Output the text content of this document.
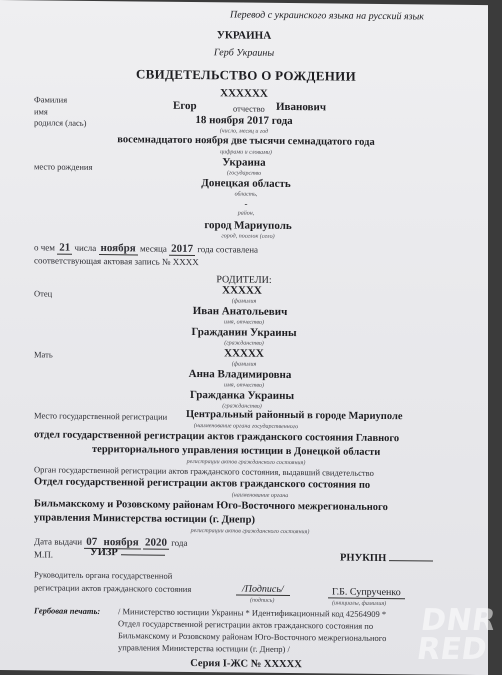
Перевод с украинского языка на русский язык
УКРАИНА
Герб Украины
СВИДЕТЕЛЬСТВО О РОЖДЕНИИ
Фамилия	ХХХХХХ
имя	Егор	отчество Иванович
родился (лась)	18 ноября 2017 года
(число, месяц и год
восемнадцатого ноября две тысячи семнадцатого года
цифрами и словами)
место рождения	Украина
(государство
Донецкая область
область,
-
район,
город Мариуполь
город, поселок (село)
о чем 21 числа ноября месяца 2017 года составлена
соответствующая актовая запись № ХХХХ
РОДИТЕЛИ:
Отец	ХХХХХ
(фамилия
Иван Анатольевич
имя, отчество)
Гражданин Украины
(гражданство)
Мать	ХХХХХ
(фамилия
Анна Владимировна
имя, отчество)
Гражданка Украины
(гражданство)
Место государственной регистрации Центральный районный в городе Мариуполе
(наименование органа государственного
отдел государственной регистрации актов гражданского состояния Главного
территориального управления юстиции в Донецкой области
регистрации актов гражданского состояния)
Орган государственной регистрации актов гражданского состояния, выдавший свидетельство
Отдел государственной регистрации актов гражданского состояния по
(наименование органа
Бильмакскому и Розовскому районам Юго-Восточного межрегионального
управления Министерства юстиции (г. Днепр)
регистрации актов гражданского состояния)
Дата выдачи 07 ноября 2020 года
М.П.	УИЗР	РНУКПН
Руководитель органа государственной
регистрации актов гражданского состояния	/Подпись/
(подпись)
Г.Б. Супрученко
(инициалы, фамилия)
Гербовая печать: / Министерство юстиции Украины * Идентификационный код 42564909 *
Отдел государственной регистрации актов гражданского состояния по
Бильмакскому и Розовскому районам Юго-Восточного межрегионального
управления Министерства юстиции (г. Днепр) /
Серия I-ЖС № ХХХХХ
DNR
RED
